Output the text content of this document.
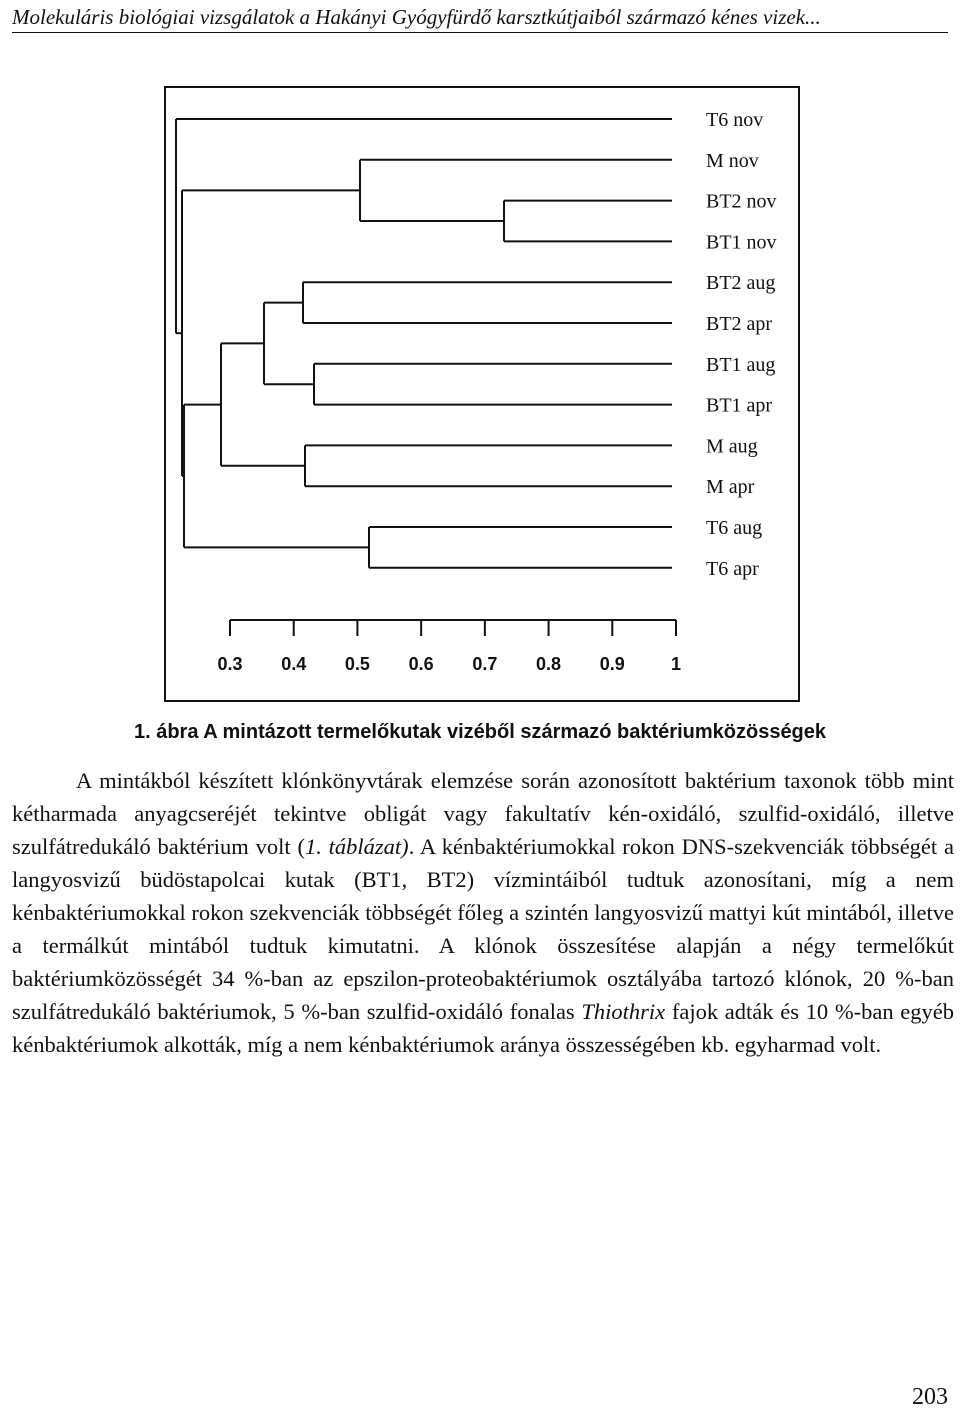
Molekuláris biológiai vizsgálatok a Hakányi Gyógyfürdő karsztkútjaiból származó kénes vizek...
T6 nov
M nov
BT2 nov
BT1 nov
BT2 aug
BT2 apr
BT1 aug
BT1 apr
M aug
M apr
T6 aug
T6 apr
0.3 0.4 0.5 0.6 0.7 0.8 0.9	1
1. ábra A mintázott termelőkutak vizéből származó baktériumközösségek

A mintákból készített klónkönyvtárak elemzése során azonosított baktérium taxonok több mint kétharmada anyagcseréjét tekintve obligát vagy fakultatív kén-oxidáló, szulfid-oxidáló, illetve szulfátredukáló baktérium volt (1. táblázat). A kénbaktériumokkal rokon DNS-szekvenciák többségét a langyosvizű büdöstapolcai kutak (BT1, BT2) vízmintáiból tudtuk azonosítani, míg a nem kénbaktériumokkal rokon szekvenciák többségét főleg a szintén langyosvizű mattyi kút mintából, illetve a termálkút mintából tudtuk kimutatni. A klónok összesítése alapján a négy termelőkút baktériumközösségét 34 %-ban az epszilon-proteobaktériumok osztályába tartozó klónok, 20 %-ban szulfátredukáló baktériumok, 5 %-ban szulfid-oxidáló fonalas Thiothrix fajok adták és 10 %-ban egyéb kénbaktériumok alkották, míg a nem kénbaktériumok aránya összességében kb. egyharmad volt.

203
